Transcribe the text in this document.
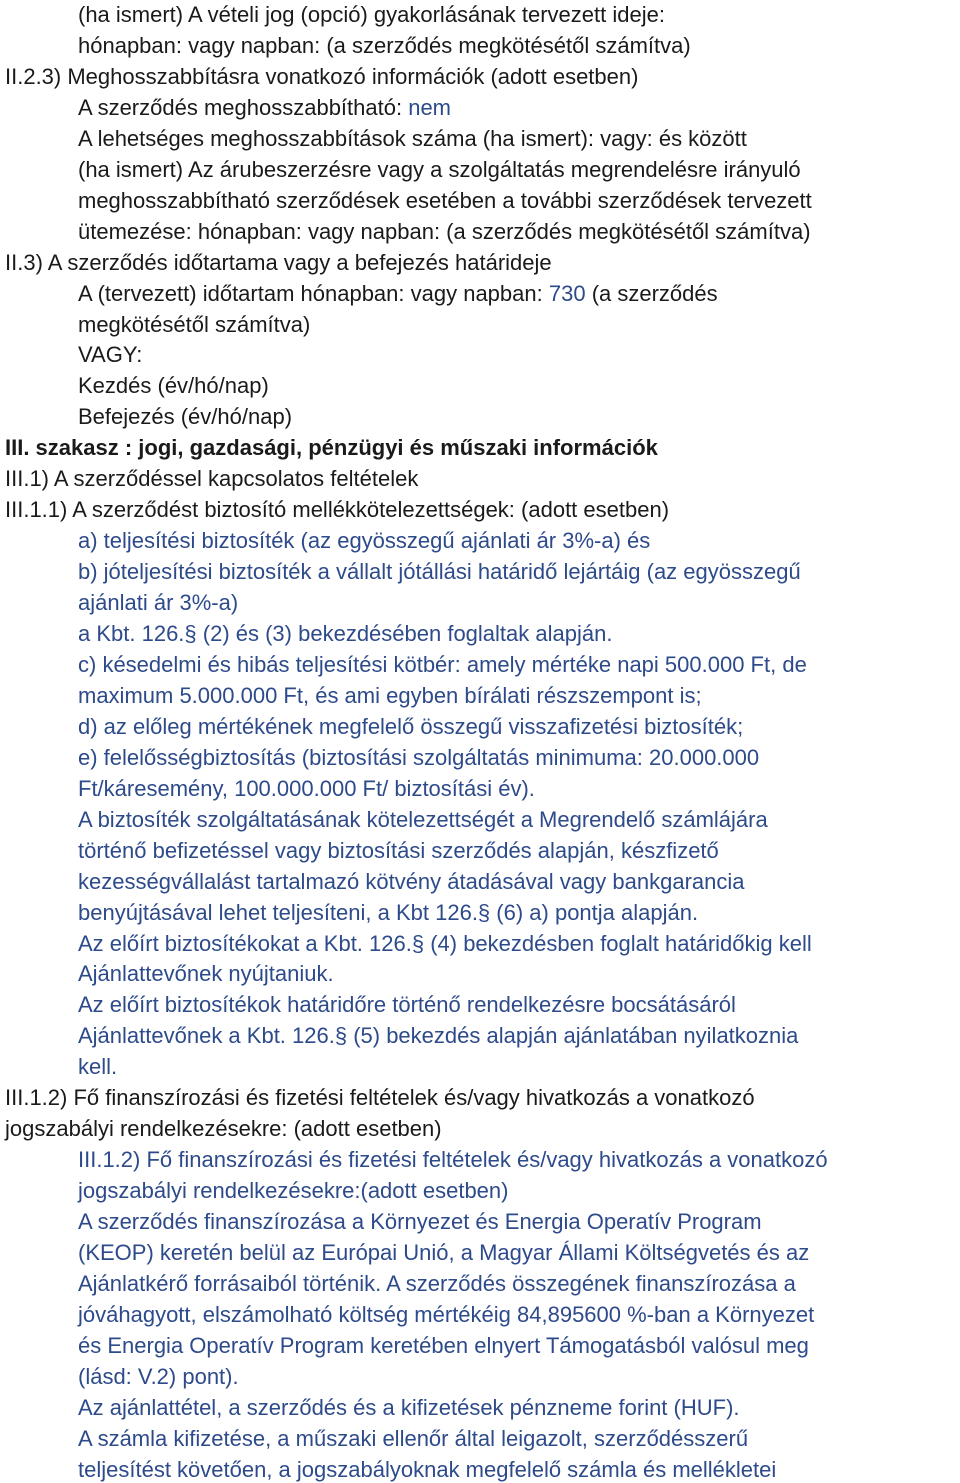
(ha ismert) A vételi jog (opció) gyakorlásának tervezett ideje:
hónapban: vagy napban: (a szerződés megkötésétől számítva)
II.2.3) Meghosszabbításra vonatkozó információk (adott esetben)
A szerződés meghosszabbítható: nem
A lehetséges meghosszabbítások száma (ha ismert): vagy: és között
(ha ismert) Az árubeszerzésre vagy a szolgáltatás megrendelésre irányuló
meghosszabbítható szerződések esetében a további szerződések tervezett
ütemezése: hónapban: vagy napban: (a szerződés megkötésétől számítva)
II.3) A szerződés időtartama vagy a befejezés határideje
A (tervezett) időtartam hónapban: vagy napban: 730 (a szerződés
megkötésétől számítva)
VAGY:
Kezdés (év/hó/nap)
Befejezés (év/hó/nap)
III. szakasz : jogi, gazdasági, pénzügyi és műszaki információk
III.1) A szerződéssel kapcsolatos feltételek
III.1.1) A szerződést biztosító mellékkötelezettségek: (adott esetben)
a) teljesítési biztosíték (az egyösszegű ajánlati ár 3%-a) és
b) jóteljesítési biztosíték a vállalt jótállási határidő lejártáig (az egyösszegű
ajánlati ár 3%-a)
a Kbt. 126.§ (2) és (3) bekezdésében foglaltak alapján.
c) késedelmi és hibás teljesítési kötbér: amely mértéke napi 500.000 Ft, de
maximum 5.000.000 Ft, és ami egyben bírálati részszempont is;
d) az előleg mértékének megfelelő összegű visszafizetési biztosíték;
e) felelősségbiztosítás (biztosítási szolgáltatás minimuma: 20.000.000
Ft/káresemény, 100.000.000 Ft/ biztosítási év).
A biztosíték szolgáltatásának kötelezettségét a Megrendelő számlájára
történő befizetéssel vagy biztosítási szerződés alapján, készfizető
kezességvállalást tartalmazó kötvény átadásával vagy bankgarancia
benyújtásával lehet teljesíteni, a Kbt 126.§ (6) a) pontja alapján.
Az előírt biztosítékokat a Kbt. 126.§ (4) bekezdésben foglalt határidőkig kell
Ajánlattevőnek nyújtaniuk.
Az előírt biztosítékok határidőre történő rendelkezésre bocsátásáról
Ajánlattevőnek a Kbt. 126.§ (5) bekezdés alapján ajánlatában nyilatkoznia
kell.
III.1.2) Fő finanszírozási és fizetési feltételek és/vagy hivatkozás a vonatkozó
jogszabályi rendelkezésekre: (adott esetben)
III.1.2) Fő finanszírozási és fizetési feltételek és/vagy hivatkozás a vonatkozó
jogszabályi rendelkezésekre:(adott esetben)
A szerződés finanszírozása a Környezet és Energia Operatív Program
(KEOP) keretén belül az Európai Unió, a Magyar Állami Költségvetés és az
Ajánlatkérő forrásaiból történik. A szerződés összegének finanszírozása a
jóváhagyott, elszámolható költség mértékéig 84,895600 %-ban a Környezet
és Energia Operatív Program keretében elnyert Támogatásból valósul meg
(lásd: V.2) pont).
Az ajánlattétel, a szerződés és a kifizetések pénzneme forint (HUF).
A számla kifizetése, a műszaki ellenőr által leigazolt, szerződésszerű
teljesítést követően, a jogszabályoknak megfelelő számla és mellékletei
